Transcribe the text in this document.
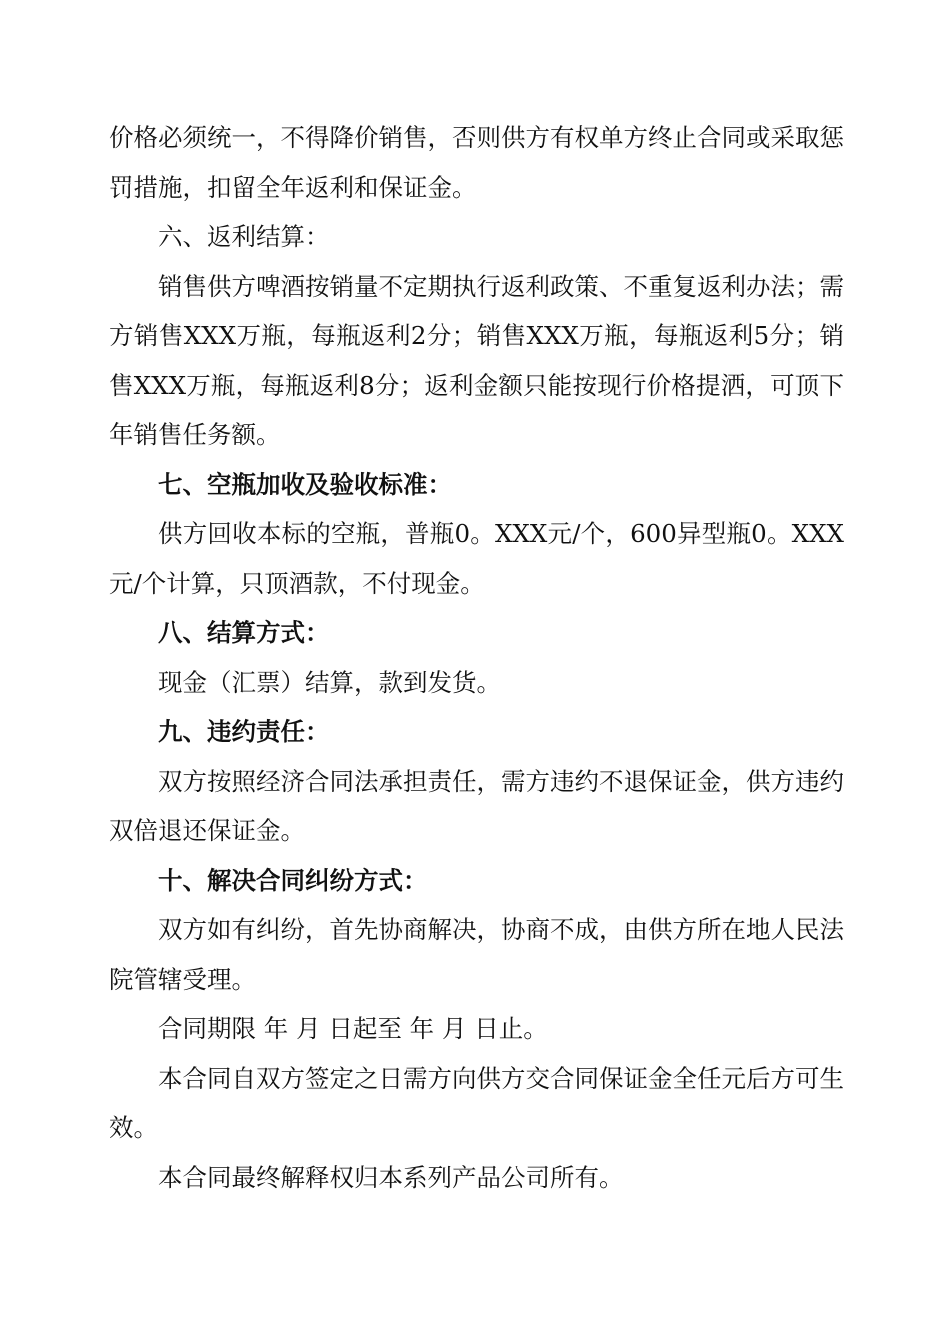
价格必须统一，不得降价销售，否则供方有权单方终止合同或采取惩罚措施，扣留全年返利和保证金。

六、返利结算：

销售供方啤酒按销量不定期执行返利政策、不重复返利办法；需方销售XXX万瓶，每瓶返利2分；销售XXX万瓶，每瓶返利5分；销售XXX万瓶，每瓶返利8分；返利金额只能按现行价格提洒，可顶下年销售任务额。

七、空瓶加收及验收标准：

供方回收本标的空瓶，普瓶0。XXX元/个，600异型瓶0。XXX元/个计算，只顶酒款，不付现金。

八、结算方式：

现金（汇票）结算，款到发货。

九、违约责任：

双方按照经济合同法承担责任，需方违约不退保证金，供方违约双倍退还保证金。

十、解决合同纠纷方式：

双方如有纠纷，首先协商解决，协商不成，由供方所在地人民法院管辖受理。

合同期限 年 月 日起至 年 月 日止。

本合同自双方签定之日需方向供方交合同保证金全任元后方可生效。

本合同最终解释权归本系列产品公司所有。
